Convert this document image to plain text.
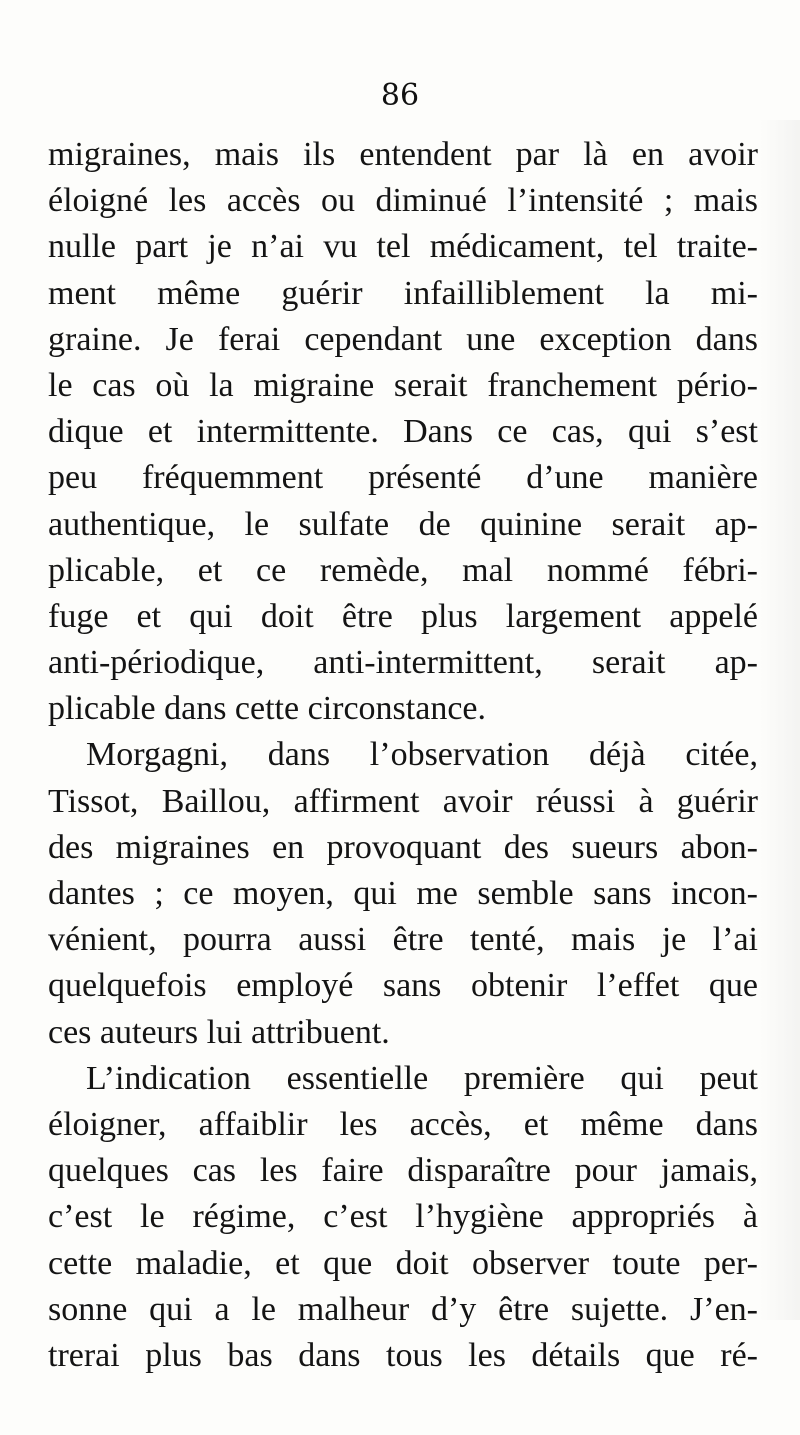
86
migraines, mais ils entendent par là en avoir
éloigné les accès ou diminué l’intensité ; mais
nulle part je n’ai vu tel médicament, tel traite-
ment même guérir infailliblement la mi-
graine. Je ferai cependant une exception dans
le cas où la migraine serait franchement pério-
dique et intermittente. Dans ce cas, qui s’est
peu fréquemment présenté d’une manière
authentique, le sulfate de quinine serait ap-
plicable, et ce remède, mal nommé fébri-
fuge et qui doit être plus largement appelé
anti-périodique, anti-intermittent, serait ap-
plicable dans cette circonstance.
Morgagni, dans l’observation déjà citée,
Tissot, Baillou, affirment avoir réussi à guérir
des migraines en provoquant des sueurs abon-
dantes ; ce moyen, qui me semble sans incon-
vénient, pourra aussi être tenté, mais je l’ai
quelquefois employé sans obtenir l’effet que
ces auteurs lui attribuent.
L’indication essentielle première qui peut
éloigner, affaiblir les accès, et même dans
quelques cas les faire disparaître pour jamais,
c’est le régime, c’est l’hygiène appropriés à
cette maladie, et que doit observer toute per-
sonne qui a le malheur d’y être sujette. J’en-
trerai plus bas dans tous les détails que ré-
